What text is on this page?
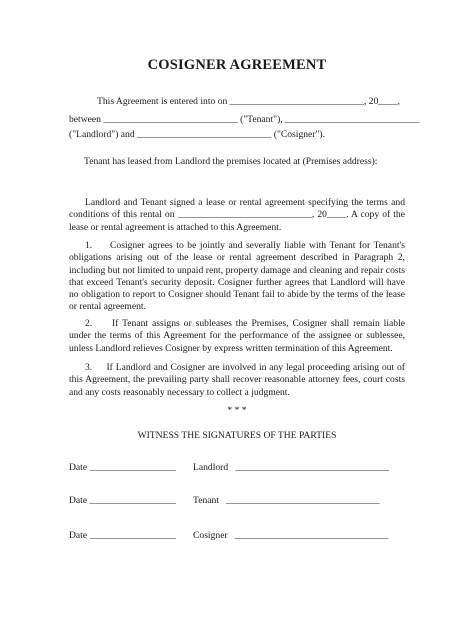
COSIGNER AGREEMENT
This Agreement is entered into on ____________________________, 20____,
between ____________________________ ("Tenant"), ____________________________
("Landlord") and ____________________________ ("Cosigner").
Tenant has leased from Landlord the premises located at (Premises address):
Landlord and Tenant signed a lease or rental agreement specifying the terms and conditions of this rental on ____________________________, 20____. A copy of the lease or rental agreement is attached to this Agreement.
1. Cosigner agrees to be jointly and severally liable with Tenant for Tenant's obligations arising out of the lease or rental agreement described in Paragraph 2, including but not limited to unpaid rent, property damage and cleaning and repair costs that exceed Tenant's security deposit. Cosigner further agrees that Landlord will have no obligation to report to Cosigner should Tenant fail to abide by the terms of the lease or rental agreement.
2. If Tenant assigns or subleases the Premises, Cosigner shall remain liable under the terms of this Agreement for the performance of the assignee or sublessee, unless Landlord relieves Cosigner by express written termination of this Agreement.
3. If Landlord and Cosigner are involved in any legal proceeding arising out of this Agreement, the prevailing party shall recover reasonable attorney fees, court costs and any costs reasonably necessary to collect a judgment.
* * *
WITNESS THE SIGNATURES OF THE PARTIES
Date __________________ Landlord ________________________________
Date __________________ Tenant ________________________________
Date __________________ Cosigner ________________________________
